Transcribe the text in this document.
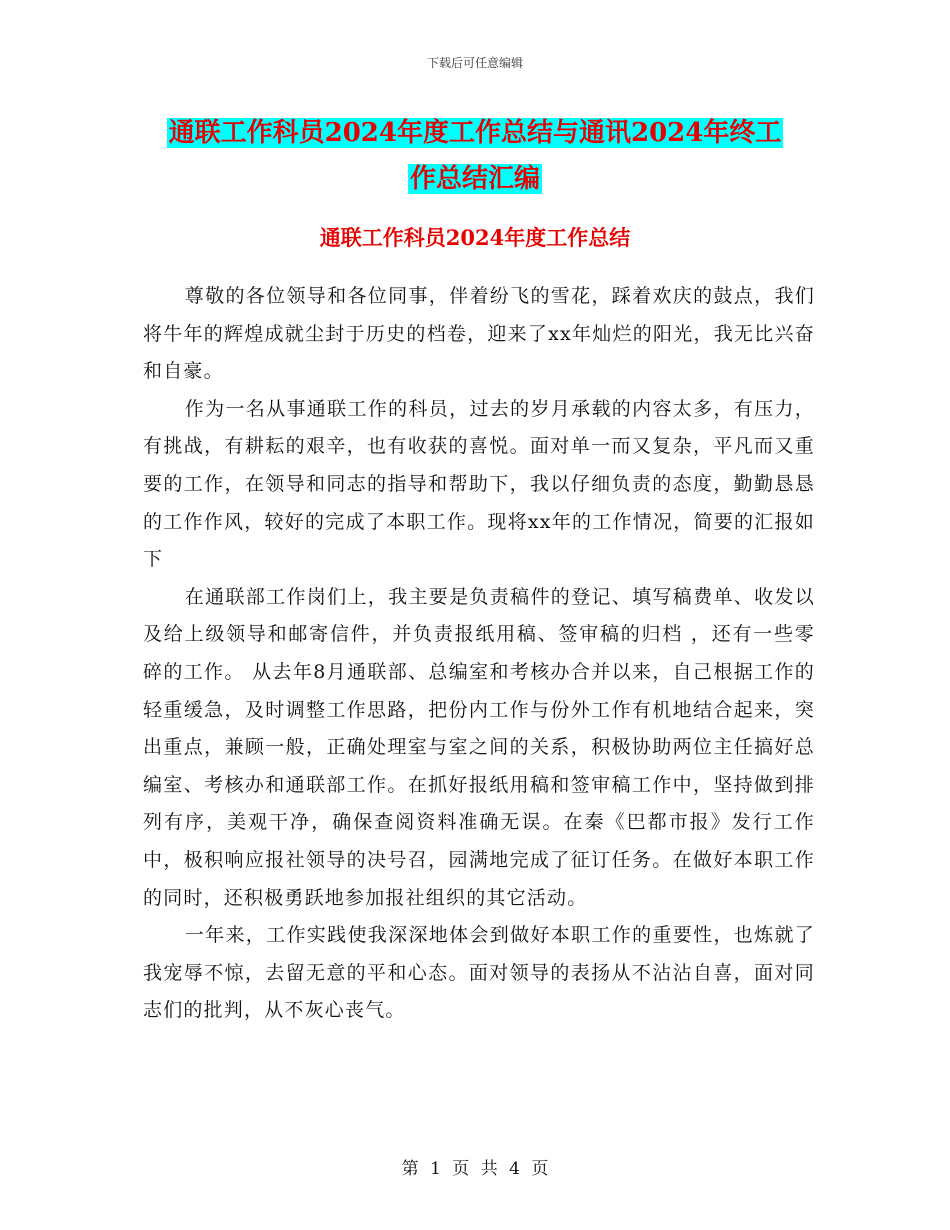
下载后可任意编辑
通联工作科员2024年度工作总结与通讯2024年终工
作总结汇编
通联工作科员2024年度工作总结

尊敬的各位领导和各位同事，伴着纷飞的雪花，踩着欢庆的鼓点，我们将牛年的辉煌成就尘封于历史的档卷，迎来了xx年灿烂的阳光，我无比兴奋和自豪。

作为一名从事通联工作的科员，过去的岁月承载的内容太多，有压力，有挑战，有耕耘的艰辛，也有收获的喜悦。面对单一而又复杂，平凡而又重要的工作，在领导和同志的指导和帮助下，我以仔细负责的态度，勤勤恳恳的工作作风，较好的完成了本职工作。现将xx年的工作情况，简要的汇报如下

在通联部工作岗们上，我主要是负责稿件的登记、填写稿费单、收发以及给上级领导和邮寄信件，并负责报纸用稿、签审稿的归档 ，还有一些零碎的工作。 从去年8月通联部、总编室和考核办合并以来，自己根据工作的轻重缓急，及时调整工作思路，把份内工作与份外工作有机地结合起来，突出重点，兼顾一般，正确处理室与室之间的关系，积极协助两位主任搞好总编室、考核办和通联部工作。在抓好报纸用稿和签审稿工作中，坚持做到排列有序，美观干净，确保查阅资料准确无误。在秦《巴都市报》发行工作中，极积响应报社领导的决号召，园满地完成了征订任务。在做好本职工作的同时，还积极勇跃地参加报社组织的其它活动。

一年来，工作实践使我深深地体会到做好本职工作的重要性，也炼就了我宠辱不惊，去留无意的平和心态。面对领导的表扬从不沾沾自喜，面对同志们的批判，从不灰心丧气。

第 1 页 共 4 页
